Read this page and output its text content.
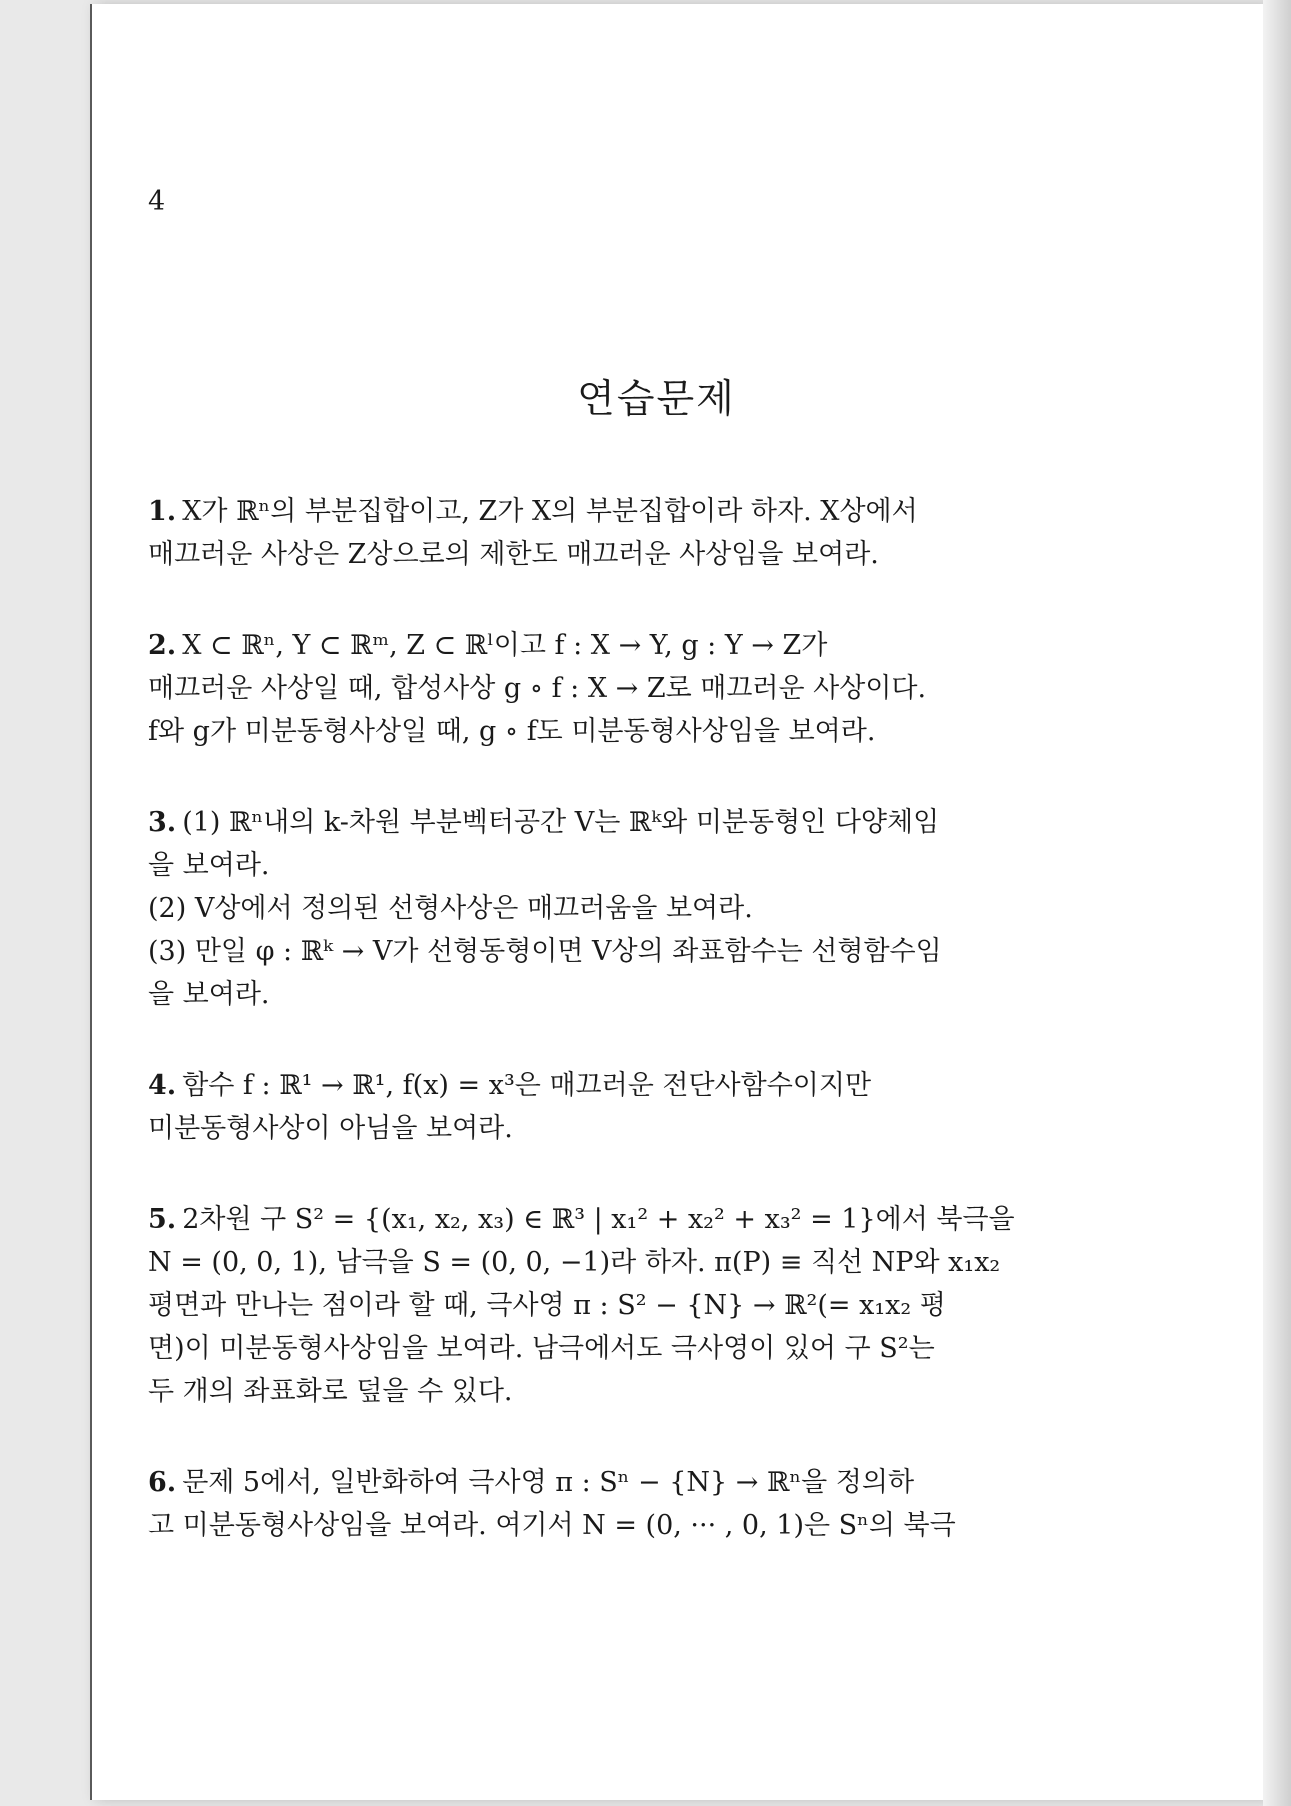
4
연습문제

1. X가 ℝⁿ의 부분집합이고, Z가 X의 부분집합이라 하자. X상에서

매끄러운 사상은 Z상으로의 제한도 매끄러운 사상임을 보여라.

2. X ⊂ ℝⁿ, Y ⊂ ℝᵐ, Z ⊂ ℝˡ이고 f : X → Y, g : Y → Z가

매끄러운 사상일 때, 합성사상 g ∘ f : X → Z로 매끄러운 사상이다.

f와 g가 미분동형사상일 때, g ∘ f도 미분동형사상임을 보여라.

3. (1) ℝⁿ내의 k-차원 부분벡터공간 V는 ℝᵏ와 미분동형인 다양체임

을 보여라.

(2) V상에서 정의된 선형사상은 매끄러움을 보여라.

(3) 만일 φ : ℝᵏ → V가 선형동형이면 V상의 좌표함수는 선형함수임

을 보여라.

4. 함수 f : ℝ¹ → ℝ¹, f(x) = x³은 매끄러운 전단사함수이지만

미분동형사상이 아님을 보여라.

5. 2차원 구 S² = {(x₁, x₂, x₃) ∈ ℝ³ | x₁² + x₂² + x₃² = 1}에서 북극을

N = (0, 0, 1), 남극을 S = (0, 0, −1)라 하자. π(P) ≡ 직선 NP와 x₁x₂

평면과 만나는 점이라 할 때, 극사영 π : S² − {N} → ℝ²(= x₁x₂ 평

면)이 미분동형사상임을 보여라. 남극에서도 극사영이 있어 구 S²는

두 개의 좌표화로 덮을 수 있다.

6. 문제 5에서, 일반화하여 극사영 π : Sⁿ − {N} → ℝⁿ을 정의하

고 미분동형사상임을 보여라. 여기서 N = (0, ··· , 0, 1)은 Sⁿ의 북극
